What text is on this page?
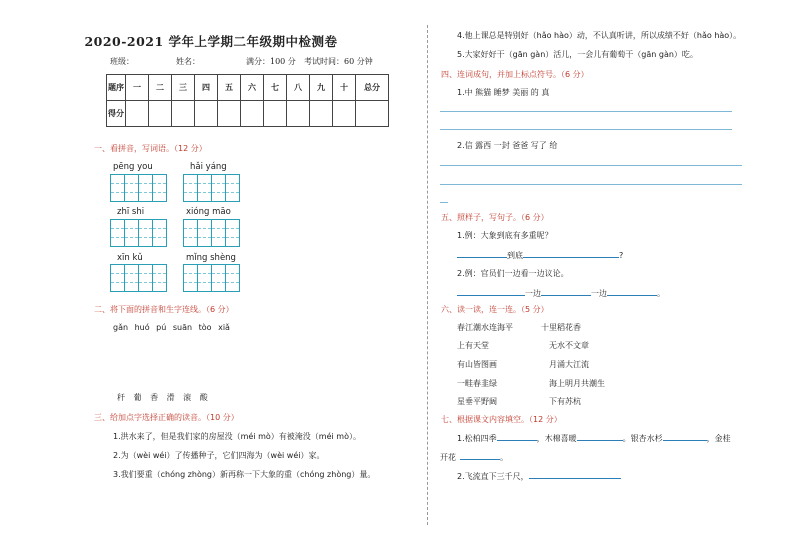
2020-2021 学年上学期二年级期中检测卷
班级：	姓名：	满分：100 分 考试时间：60 分钟
题序	一	二	三	四	五	六	七	八	九	十	总分
得分											
一、看拼音，写词语。（12 分）
pēng you	hǎi yáng
zhī shi	xióng māo
xīn kǔ	mǐng shèng
二、将下面的拼音和生字连线。（6 分）
gǎn huó pú suān tòo xiǎ
秆 葡 香 滑 滚 酸
三、给加点字选择正确的读音。（10 分）
1.洪水来了，但是我们家的房屋没（méi mò）有被淹没（méi mò）。
2.为（wèi wéi）了传播种子，它们四海为（wèi wéi）家。
3.我们要重（chóng zhòng）新再称一下大象的重（chóng zhòng）量。
4.他上课总是特别好（hǎo hào）动，不认真听讲，所以成绩不好（hǎo hào）。
5.大家好好干（gān gàn）活儿，一会儿有葡萄干（gān gàn）吃。
四、连词成句，并加上标点符号。（6 分）
1.中 熊猫 睡梦 美丽 的 真
2.信 露西 一封 爸爸 写了 给
五、照样子，写句子。（6 分）
1.例：大象到底有多重呢？
到底	?
2.例：官员们一边看一边议论。
一边	一边	。
六、读一读，连一连。（5 分）
春江潮水连海平	十里稻花香
上有天堂	无水不文章
有山皆图画	月涌大江流
一畦春韭绿	海上明月共潮生
星垂平野阔	下有苏杭
七、根据课文内容填空。（12 分）
1.松柏四季	，木棉喜暖	。银杏水杉	，金桂
开花	。
2.飞流直下三千尺，
